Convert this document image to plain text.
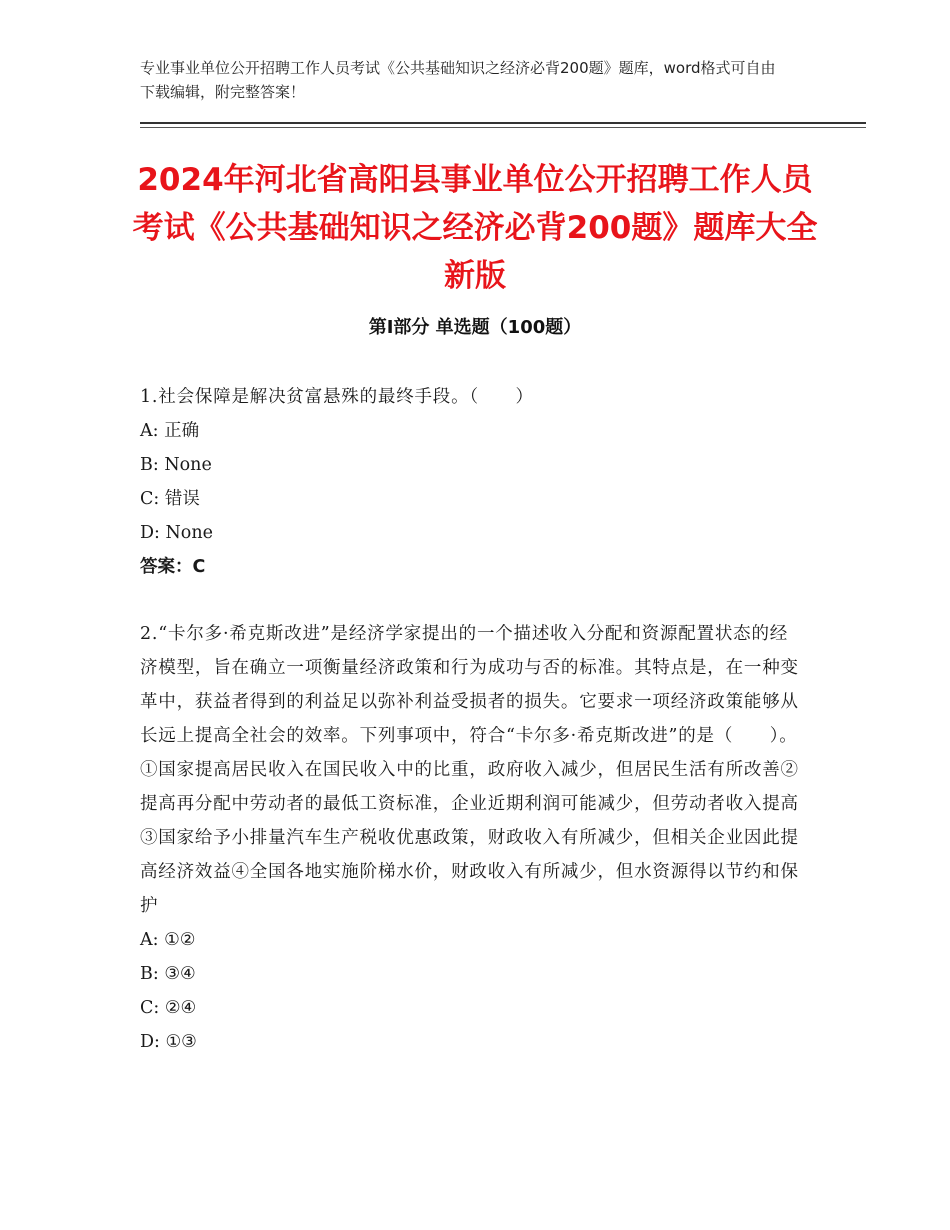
专业事业单位公开招聘工作人员考试《公共基础知识之经济必背200题》题库，word格式可自由下载编辑，附完整答案！
2024年河北省高阳县事业单位公开招聘工作人员考试《公共基础知识之经济必背200题》题库大全新版
第Ⅰ部分 单选题（100题）

1.社会保障是解决贫富悬殊的最终手段。（　　）

A: 正确
B: None
C: 错误
D: None

答案：C

2.“卡尔多·希克斯改进”是经济学家提出的一个描述收入分配和资源配置状态的经济模型，旨在确立一项衡量经济政策和行为成功与否的标准。其特点是，在一种变革中，获益者得到的利益足以弥补利益受损者的损失。它要求一项经济政策能够从长远上提高全社会的效率。下列事项中，符合“卡尔多·希克斯改进”的是（　　）。①国家提高居民收入在国民收入中的比重，政府收入减少，但居民生活有所改善②提高再分配中劳动者的最低工资标准，企业近期利润可能减少，但劳动者收入提高③国家给予小排量汽车生产税收优惠政策，财政收入有所减少，但相关企业因此提高经济效益④全国各地实施阶梯水价，财政收入有所减少，但水资源得以节约和保护

A: ①②
B: ③④
C: ②④
D: ①③
